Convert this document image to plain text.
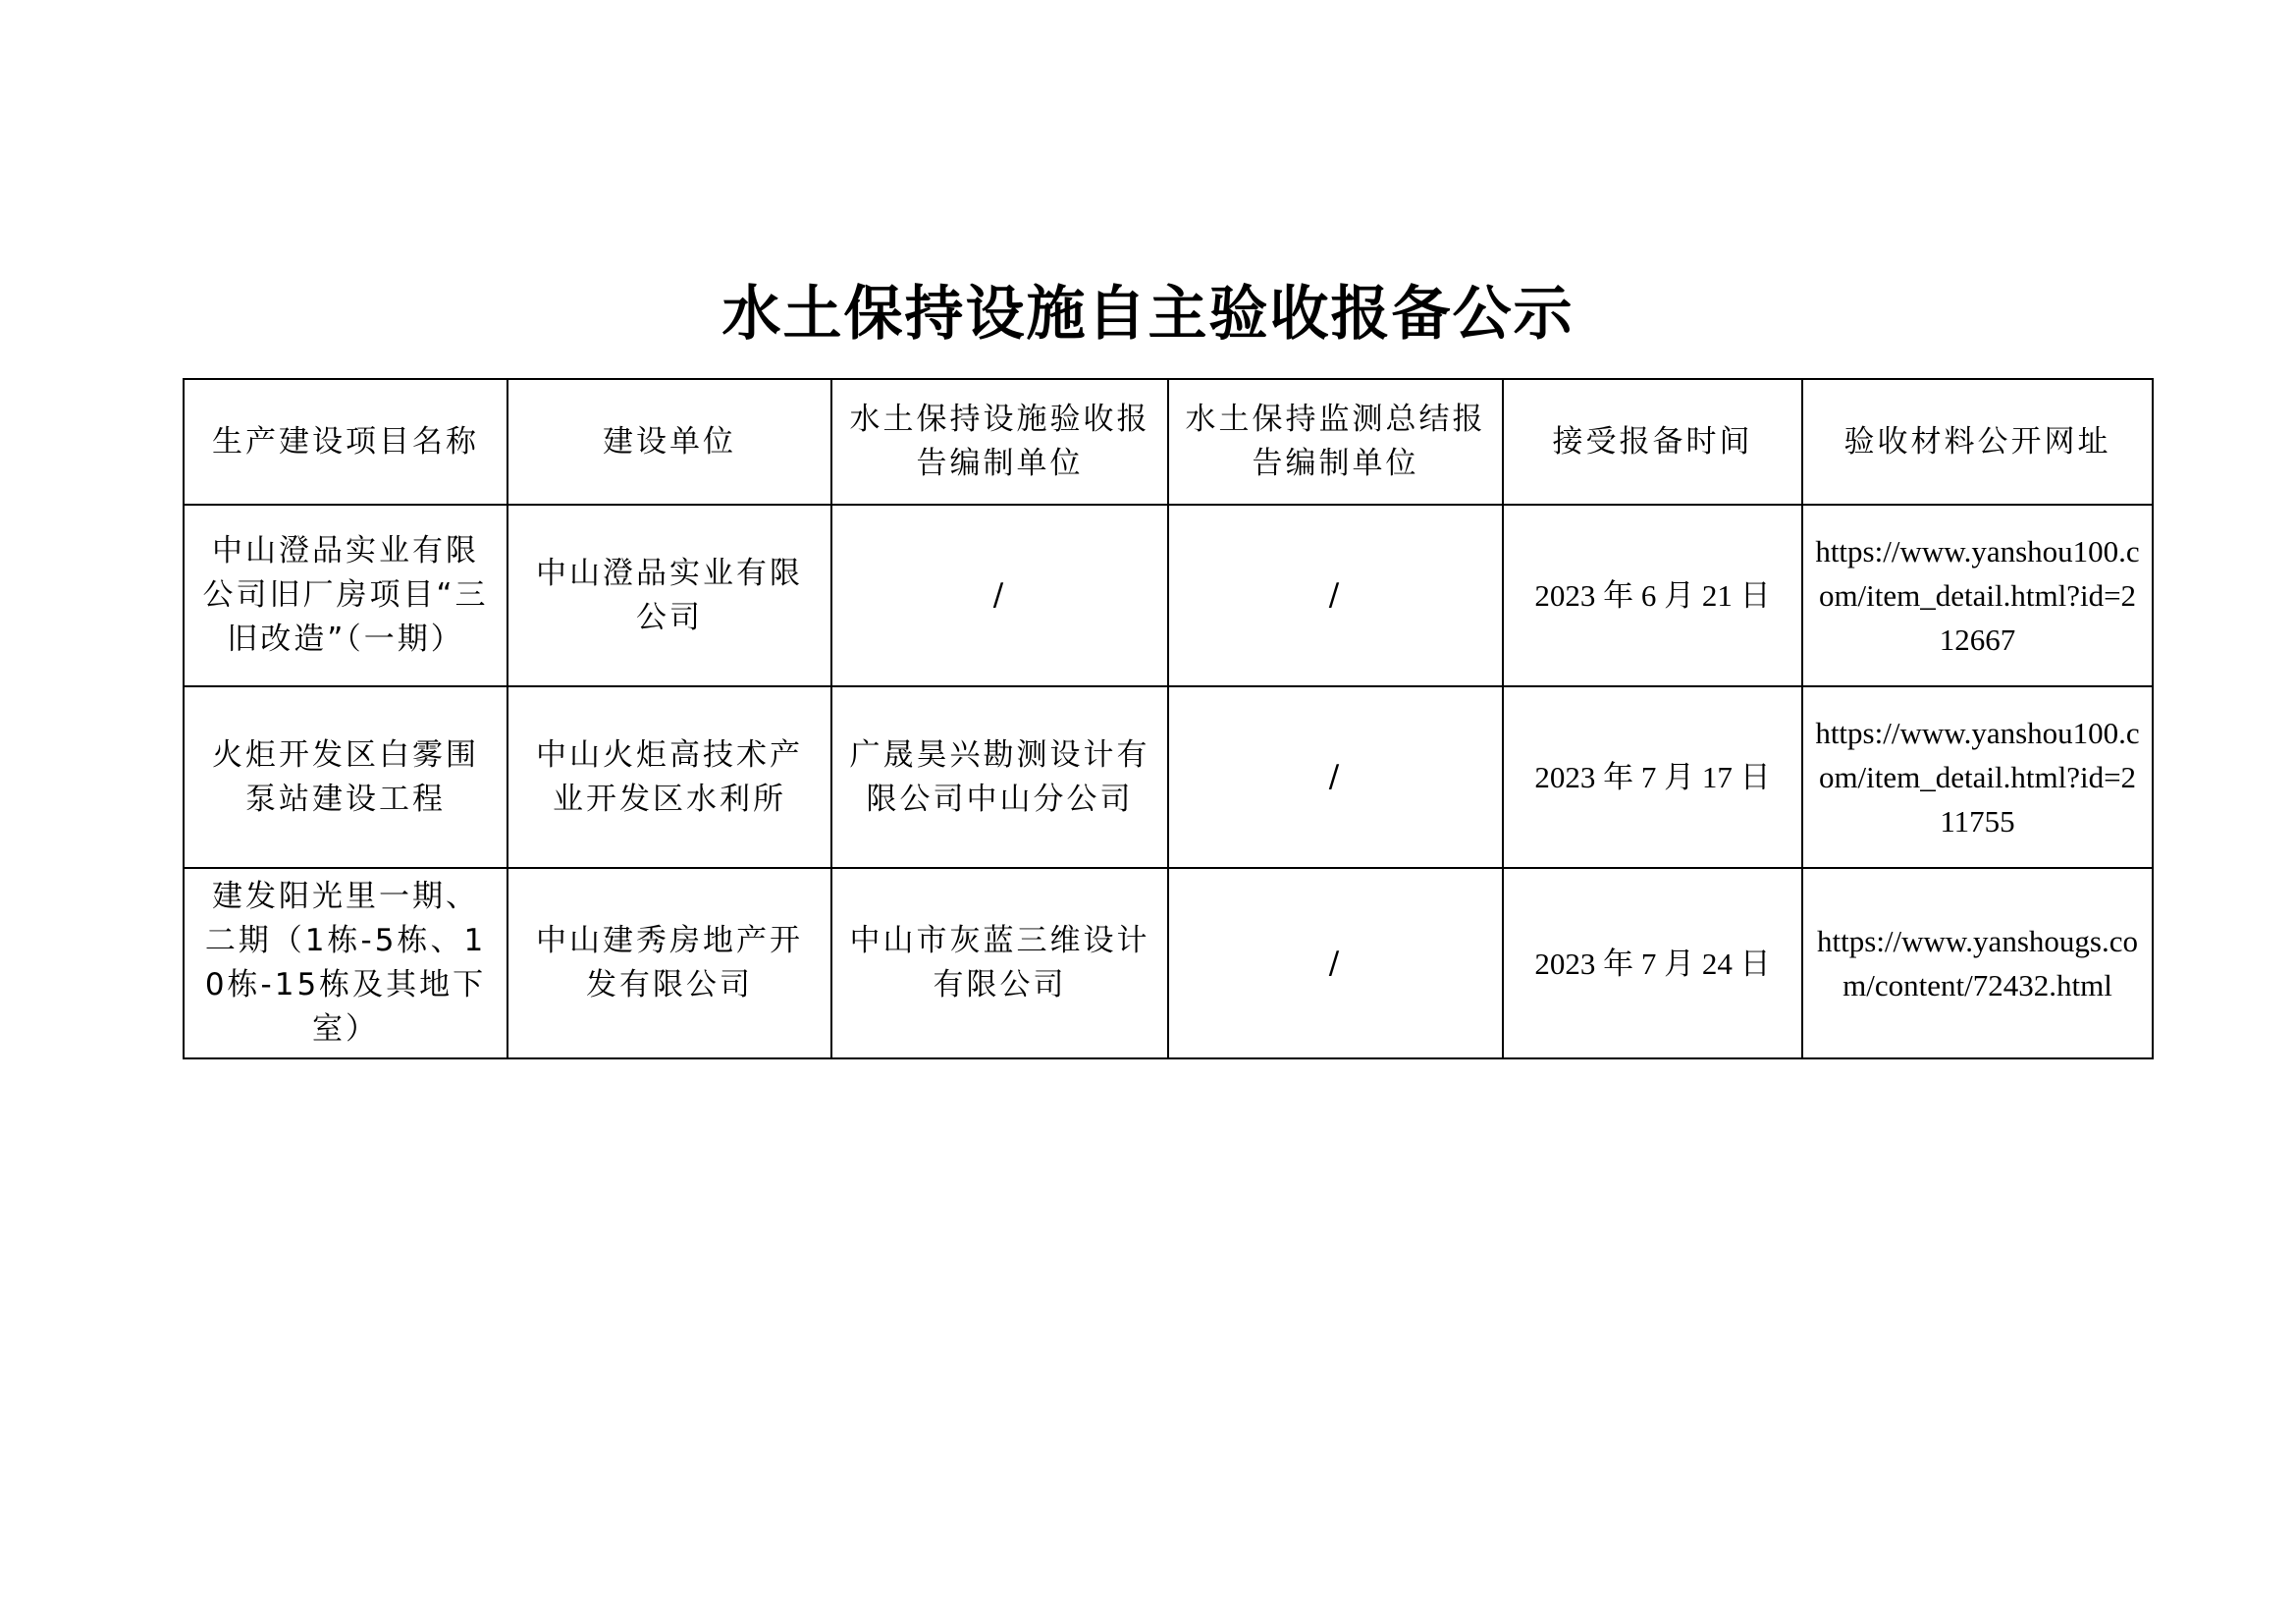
水土保持设施自主验收报备公示
生产建设项目名称	建设单位	水土保持设施验收报告编制单位	水土保持监测总结报告编制单位	接受报备时间	验收材料公开网址
中山澄品实业有限公司旧厂房项目“三旧改造”（一期）	中山澄品实业有限公司	/	/	2023 年 6 月 21 日	https://www.yanshou100.com/item_detail.html?id=212667
火炬开发区白雾围泵站建设工程	中山火炬高技术产业开发区水利所	广晟昊兴勘测设计有限公司中山分公司	/	2023 年 7 月 17 日	https://www.yanshou100.com/item_detail.html?id=211755
建发阳光里一期、二期（1栋-5栋、10栋-15栋及其地下室）	中山建秀房地产开发有限公司	中山市灰蓝三维设计有限公司	/	2023 年 7 月 24 日	https://www.yanshougs.com/content/72432.html
